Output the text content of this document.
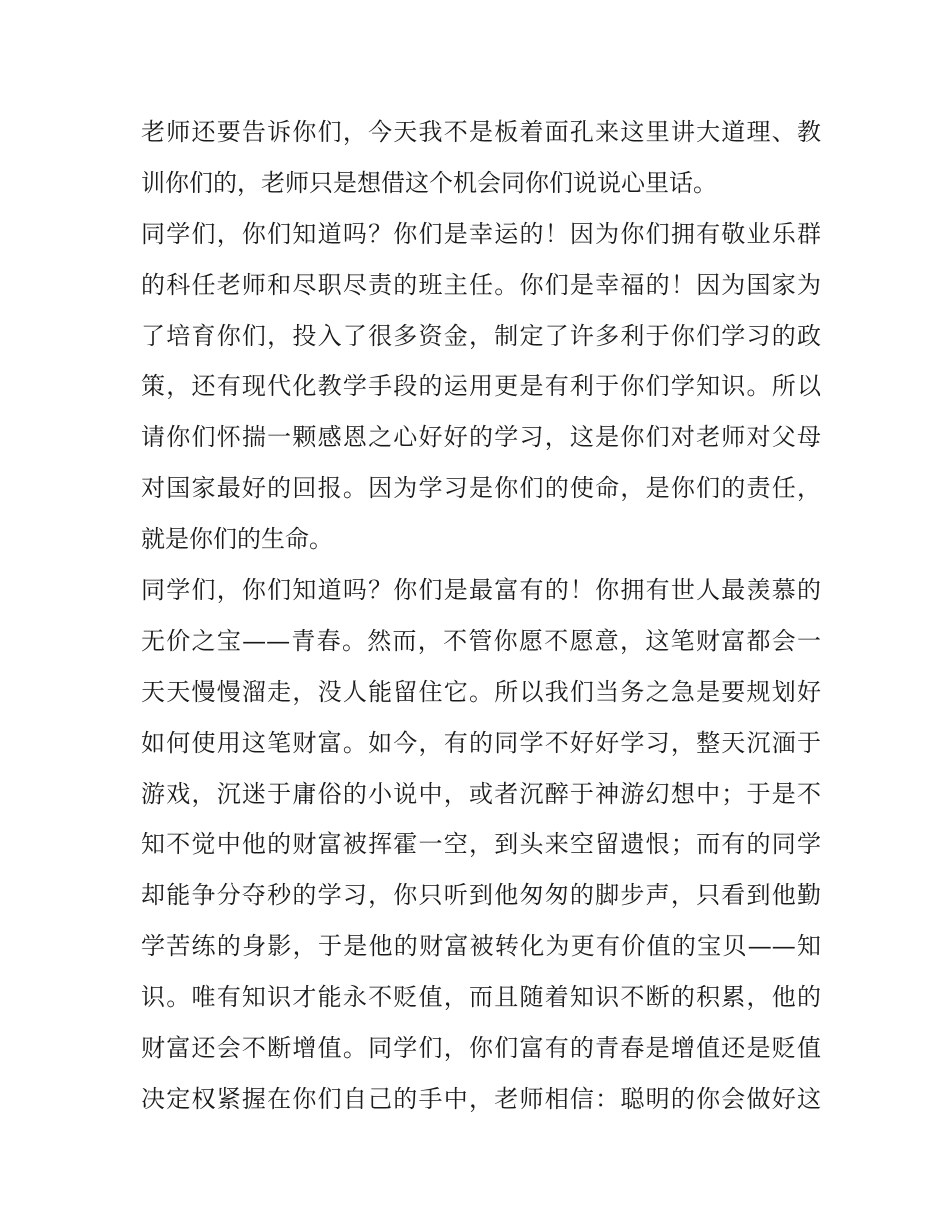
老师还要告诉你们，今天我不是板着面孔来这里讲大道理、教
训你们的，老师只是想借这个机会同你们说说心里话。
同学们，你们知道吗？你们是幸运的！因为你们拥有敬业乐群
的科任老师和尽职尽责的班主任。你们是幸福的！因为国家为
了培育你们，投入了很多资金，制定了许多利于你们学习的政
策，还有现代化教学手段的运用更是有利于你们学知识。所以
请你们怀揣一颗感恩之心好好的学习，这是你们对老师对父母
对国家最好的回报。因为学习是你们的使命，是你们的责任，
就是你们的生命。
同学们，你们知道吗？你们是最富有的！你拥有世人最羡慕的
无价之宝——青春。然而，不管你愿不愿意，这笔财富都会一
天天慢慢溜走，没人能留住它。所以我们当务之急是要规划好
如何使用这笔财富。如今，有的同学不好好学习，整天沉湎于
游戏，沉迷于庸俗的小说中，或者沉醉于神游幻想中；于是不
知不觉中他的财富被挥霍一空，到头来空留遗恨；而有的同学
却能争分夺秒的学习，你只听到他匆匆的脚步声，只看到他勤
学苦练的身影，于是他的财富被转化为更有价值的宝贝——知
识。唯有知识才能永不贬值，而且随着知识不断的积累，他的
财富还会不断增值。同学们，你们富有的青春是增值还是贬值
决定权紧握在你们自己的手中，老师相信：聪明的你会做好这
